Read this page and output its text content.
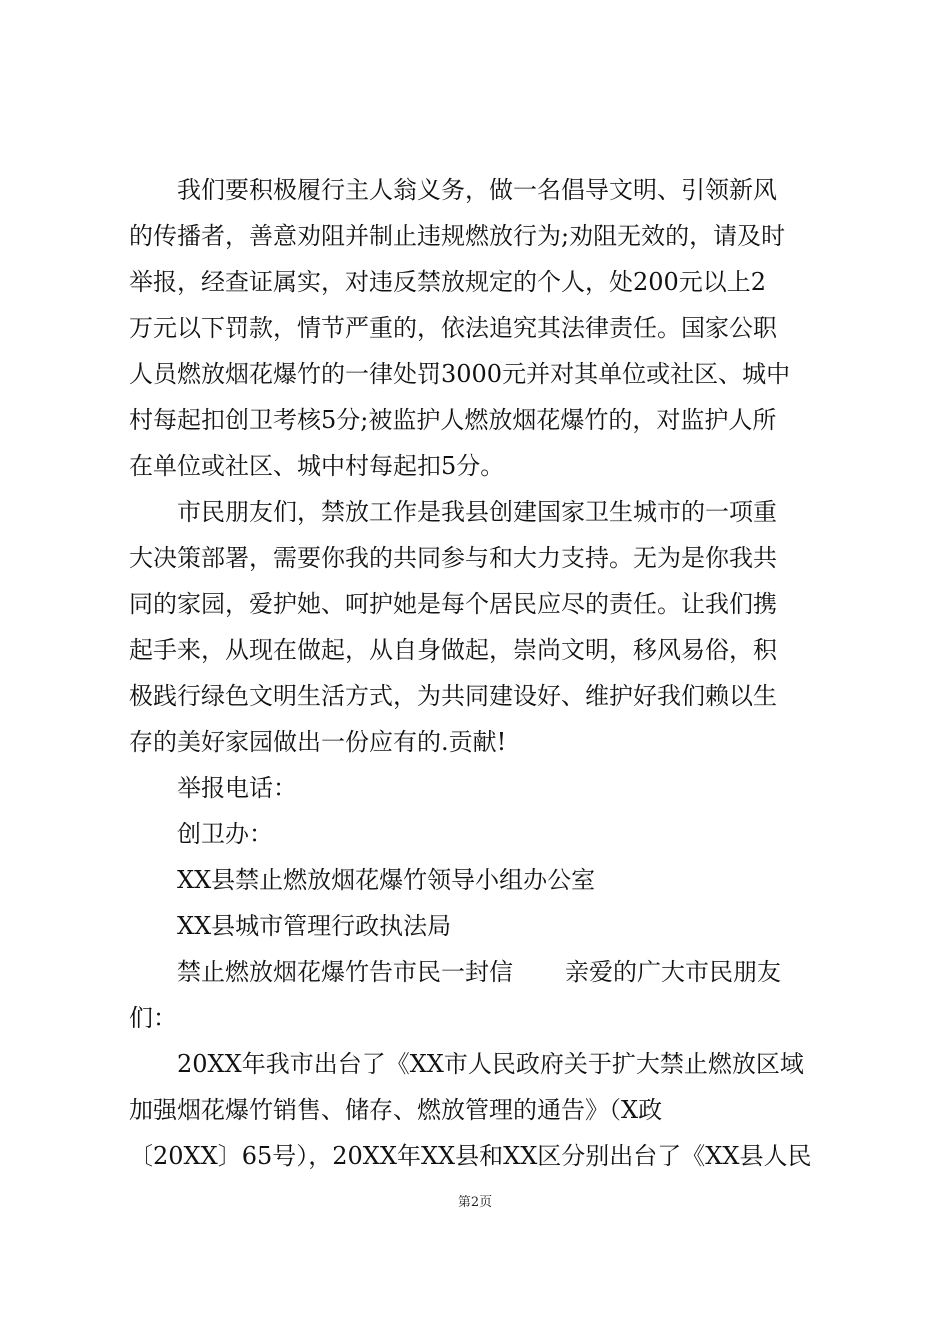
我们要积极履行主人翁义务，做一名倡导文明、引领新风
的传播者，善意劝阻并制止违规燃放行为;劝阻无效的，请及时
举报，经查证属实，对违反禁放规定的个人，处200元以上2
万元以下罚款，情节严重的，依法追究其法律责任。国家公职
人员燃放烟花爆竹的一律处罚3000元并对其单位或社区、城中
村每起扣创卫考核5分;被监护人燃放烟花爆竹的，对监护人所
在单位或社区、城中村每起扣5分。
市民朋友们，禁放工作是我县创建国家卫生城市的一项重
大决策部署，需要你我的共同参与和大力支持。无为是你我共
同的家园，爱护她、呵护她是每个居民应尽的责任。让我们携
起手来，从现在做起，从自身做起，崇尚文明，移风易俗，积
极践行绿色文明生活方式，为共同建设好、维护好我们赖以生
存的美好家园做出一份应有的.贡献!
举报电话：
创卫办：
XX县禁止燃放烟花爆竹领导小组办公室
XX县城市管理行政执法局
禁止燃放烟花爆竹告市民一封信 亲爱的广大市民朋友
们：
20XX年我市出台了《XX市人民政府关于扩大禁止燃放区域
加强烟花爆竹销售、储存、燃放管理的通告》（X政
〔20XX〕65号），20XX年XX县和XX区分别出台了《XX县人民
第2页
